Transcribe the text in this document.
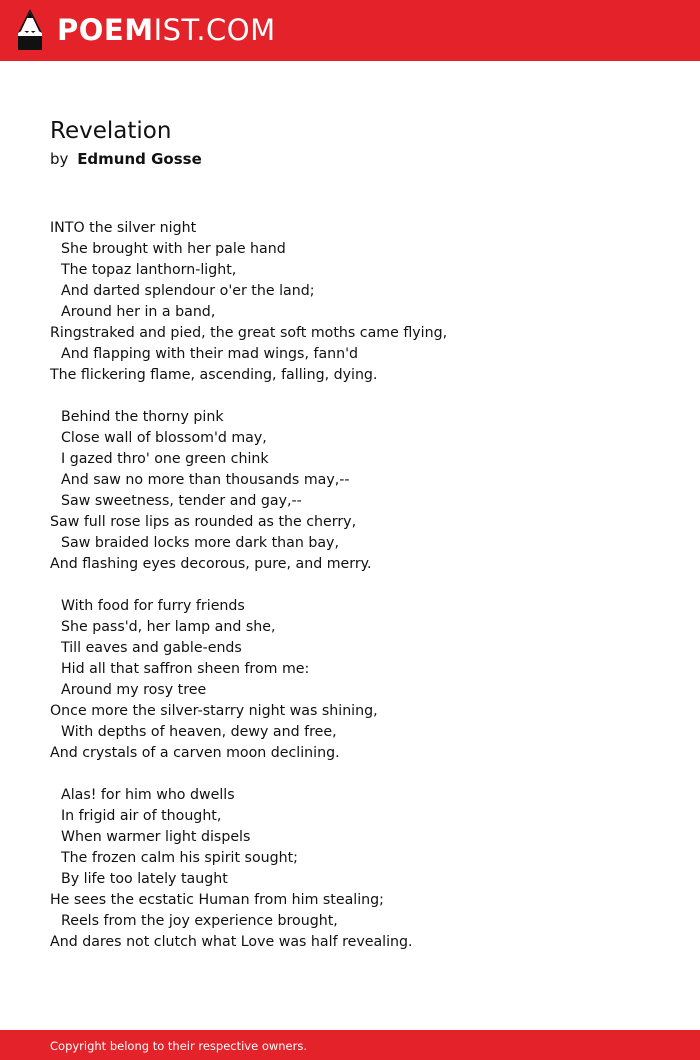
POEMIST.COM
Revelation
by Edmund Gosse
INTO the silver night
She brought with her pale hand
The topaz lanthorn-light,
And darted splendour o'er the land;
Around her in a band,
Ringstraked and pied, the great soft moths came flying,
And flapping with their mad wings, fann'd
The flickering flame, ascending, falling, dying.
Behind the thorny pink
Close wall of blossom'd may,
I gazed thro' one green chink
And saw no more than thousands may,--
Saw sweetness, tender and gay,--
Saw full rose lips as rounded as the cherry,
Saw braided locks more dark than bay,
And flashing eyes decorous, pure, and merry.
With food for furry friends
She pass'd, her lamp and she,
Till eaves and gable-ends
Hid all that saffron sheen from me:
Around my rosy tree
Once more the silver-starry night was shining,
With depths of heaven, dewy and free,
And crystals of a carven moon declining.
Alas! for him who dwells
In frigid air of thought,
When warmer light dispels
The frozen calm his spirit sought;
By life too lately taught
He sees the ecstatic Human from him stealing;
Reels from the joy experience brought,
And dares not clutch what Love was half revealing.
Copyright belong to their respective owners.
